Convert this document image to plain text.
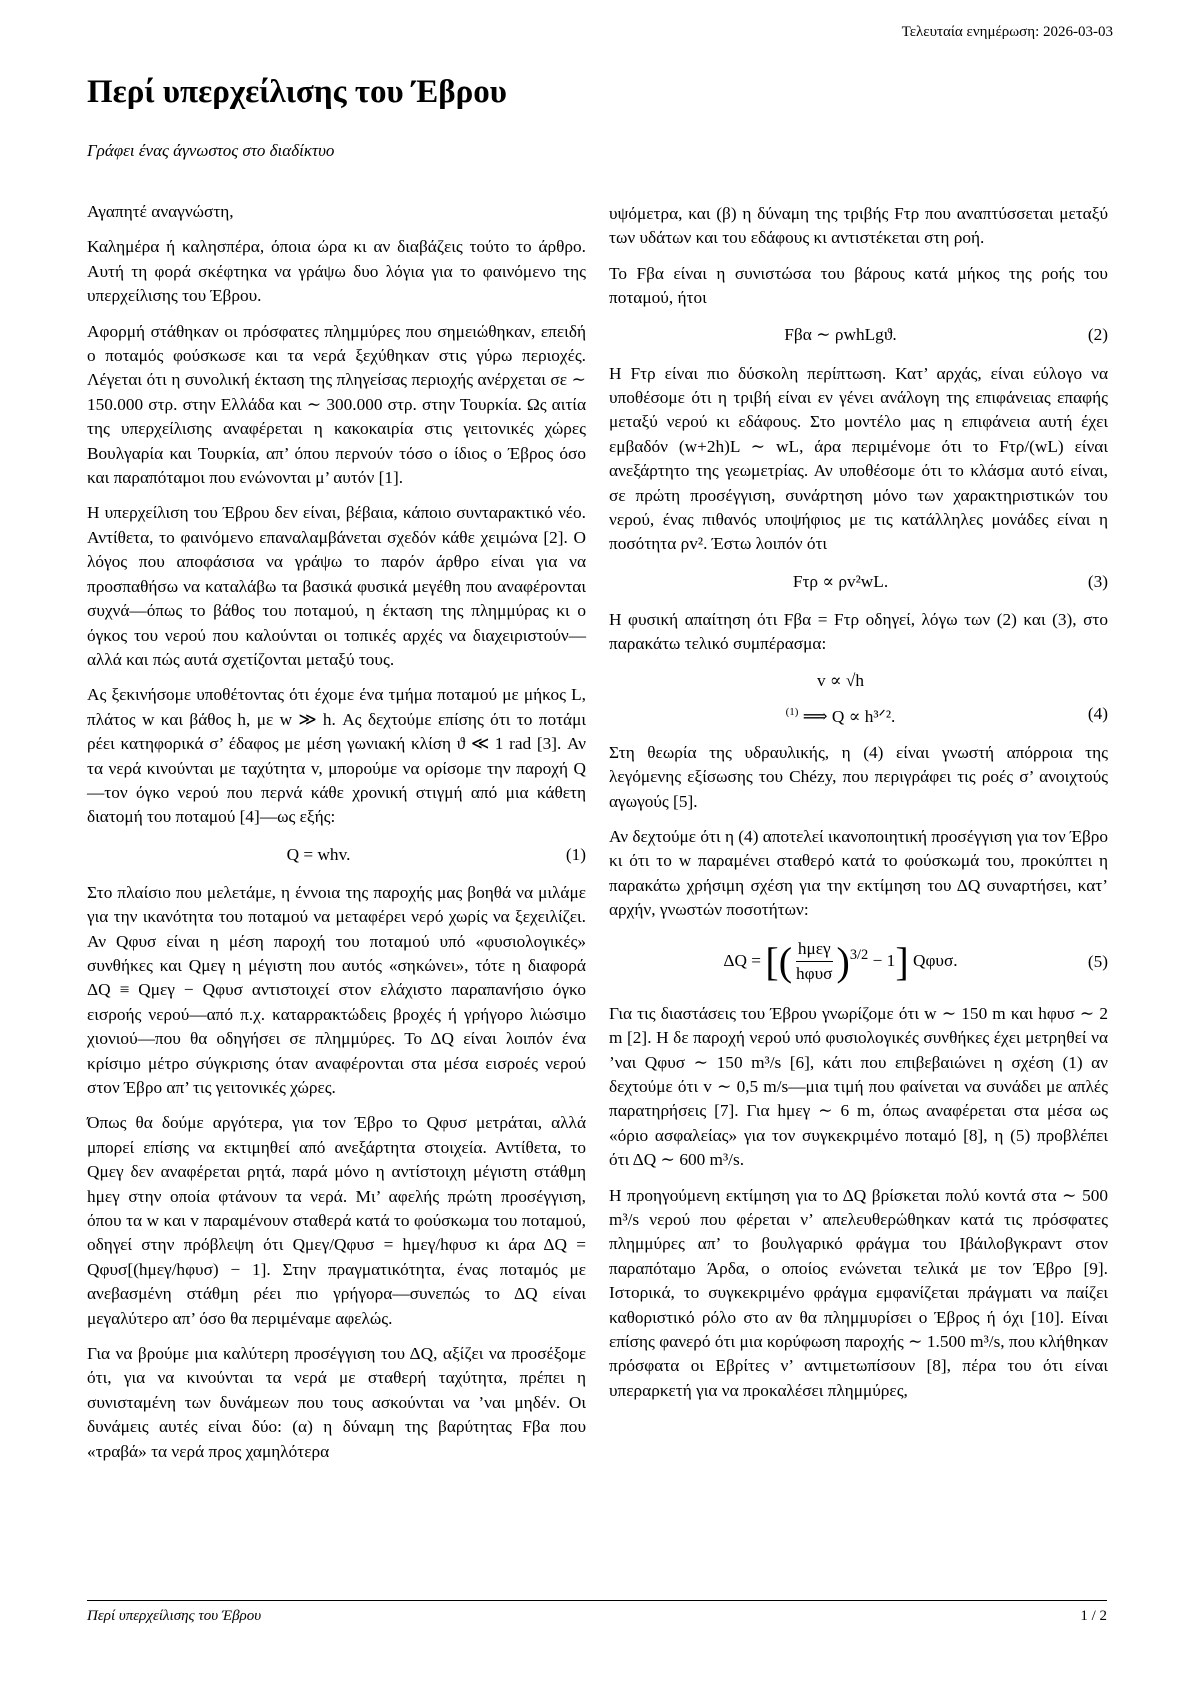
Τελευταία ενημέρωση: 2026-03-03
Περί υπερχείλισης του Έβρου
Γράφει ένας άγνωστος στο διαδίκτυο

Αγαπητέ αναγνώστη,

Καλημέρα ή καλησπέρα, όποια ώρα κι αν διαβάζεις τούτο το άρθρο. Αυτή τη φορά σκέφτηκα να γράψω δυο λόγια για το φαινόμενο της υπερχείλισης του Έβρου.

Αφορμή στάθηκαν οι πρόσφατες πλημμύρες που σημειώθηκαν, επειδή ο ποταμός φούσκωσε και τα νερά ξεχύθηκαν στις γύρω περιοχές. Λέγεται ότι η συνολική έκταση της πληγείσας περιοχής ανέρχεται σε ∼ 150.000 στρ. στην Ελλάδα και ∼ 300.000 στρ. στην Τουρκία. Ως αιτία της υπερχείλισης αναφέρεται η κακοκαιρία στις γειτονικές χώρες Βουλγαρία και Τουρκία, απ’ όπου περνούν τόσο ο ίδιος ο Έβρος όσο και παραπόταμοι που ενώνονται μ’ αυτόν [1].

Η υπερχείλιση του Έβρου δεν είναι, βέβαια, κάποιο συνταρακτικό νέο. Αντίθετα, το φαινόμενο επαναλαμβάνεται σχεδόν κάθε χειμώνα [2]. Ο λόγος που αποφάσισα να γράψω το παρόν άρθρο είναι για να προσπαθήσω να καταλάβω τα βασικά φυσικά μεγέθη που αναφέρονται συχνά—όπως το βάθος του ποταμού, η έκταση της πλημμύρας κι ο όγκος του νερού που καλούνται οι τοπικές αρχές να διαχειριστούν—αλλά και πώς αυτά σχετίζονται μεταξύ τους.

Ας ξεκινήσομε υποθέτοντας ότι έχομε ένα τμήμα ποταμού με μήκος L, πλάτος w και βάθος h, με w ≫ h. Ας δεχτούμε επίσης ότι το ποτάμι ρέει κατηφορικά σ’ έδαφος με μέση γωνιακή κλίση ϑ ≪ 1 rad [3]. Αν τα νερά κινούνται με ταχύτητα v, μπορούμε να ορίσομε την παροχή Q—τον όγκο νερού που περνά κάθε χρονική στιγμή από μια κάθετη διατομή του ποταμού [4]—ως εξής:

Q = whv.	(1)

Στο πλαίσιο που μελετάμε, η έννοια της παροχής μας βοηθά να μιλάμε για την ικανότητα του ποταμού να μεταφέρει νερό χωρίς να ξεχειλίζει. Αν Qφυσ είναι η μέση παροχή του ποταμού υπό «φυσιολογικές» συνθήκες και Qμεγ η μέγιστη που αυτός «σηκώνει», τότε η διαφορά ΔQ ≡ Qμεγ − Qφυσ αντιστοιχεί στον ελάχιστο παραπανήσιο όγκο εισροής νερού—από π.χ. καταρρακτώδεις βροχές ή γρήγορο λιώσιμο χιονιού—που θα οδηγήσει σε πλημμύρες. Το ΔQ είναι λοιπόν ένα κρίσιμο μέτρο σύγκρισης όταν αναφέρονται στα μέσα εισροές νερού στον Έβρο απ’ τις γειτονικές χώρες.

Όπως θα δούμε αργότερα, για τον Έβρο το Qφυσ μετράται, αλλά μπορεί επίσης να εκτιμηθεί από ανεξάρτητα στοιχεία. Αντίθετα, το Qμεγ δεν αναφέρεται ρητά, παρά μόνο η αντίστοιχη μέγιστη στάθμη hμεγ στην οποία φτάνουν τα νερά. Μι’ αφελής πρώτη προσέγγιση, όπου τα w και v παραμένουν σταθερά κατά το φούσκωμα του ποταμού, οδηγεί στην πρόβλεψη ότι Qμεγ/Qφυσ = hμεγ/hφυσ κι άρα ΔQ = Qφυσ[(hμεγ/hφυσ) − 1]. Στην πραγματικότητα, ένας ποταμός με ανεβασμένη στάθμη ρέει πιο γρήγορα—συνεπώς το ΔQ είναι μεγαλύτερο απ’ όσο θα περιμέναμε αφελώς.

Για να βρούμε μια καλύτερη προσέγγιση του ΔQ, αξίζει να προσέξομε ότι, για να κινούνται τα νερά με σταθερή ταχύτητα, πρέπει η συνισταμένη των δυνάμεων που τους ασκούνται να ’ναι μηδέν. Οι δυνάμεις αυτές είναι δύο: (α) η δύναμη της βαρύτητας Fβα που «τραβά» τα νερά προς χαμηλότερα

υψόμετρα, και (β) η δύναμη της τριβής Fτρ που αναπτύσσεται μεταξύ των υδάτων και του εδάφους κι αντιστέκεται στη ροή.

Το Fβα είναι η συνιστώσα του βάρους κατά μήκος της ροής του ποταμού, ήτοι

Fβα ∼ ρwhLgϑ.	(2)

Η Fτρ είναι πιο δύσκολη περίπτωση. Κατ’ αρχάς, είναι εύλογο να υποθέσομε ότι η τριβή είναι εν γένει ανάλογη της επιφάνειας επαφής μεταξύ νερού κι εδάφους. Στο μοντέλο μας η επιφάνεια αυτή έχει εμβαδόν (w+2h)L ∼ wL, άρα περιμένομε ότι το Fτρ/(wL) είναι ανεξάρτητο της γεωμετρίας. Αν υποθέσομε ότι το κλάσμα αυτό είναι, σε πρώτη προσέγγιση, συνάρτηση μόνο των χαρακτηριστικών του νερού, ένας πιθανός υποψήφιος με τις κατάλληλες μονάδες είναι η ποσότητα ρv². Έστω λοιπόν ότι

Fτρ ∝ ρv²wL.	(3)

Η φυσική απαίτηση ότι Fβα = Fτρ οδηγεί, λόγω των (2) και (3), στο παρακάτω τελικό συμπέρασμα:

v ∝ √h
$^{(1)}$ ⟹ Q ∝ h³ᐟ².	(4)

Στη θεωρία της υδραυλικής, η (4) είναι γνωστή απόρροια της λεγόμενης εξίσωσης του Chézy, που περιγράφει τις ροές σ’ ανοιχτούς αγωγούς [5].

Αν δεχτούμε ότι η (4) αποτελεί ικανοποιητική προσέγγιση για τον Έβρο κι ότι το w παραμένει σταθερό κατά το φούσκωμά του, προκύπτει η παρακάτω χρήσιμη σχέση για την εκτίμηση του ΔQ συναρτήσει, κατ’ αρχήν, γνωστών ποσοτήτων:

ΔQ = [( $\frac{\text{hμεγ}}{\text{hφυσ}} )^{3/2} - 1$] Qφυσ.	(5)

Για τις διαστάσεις του Έβρου γνωρίζομε ότι w ∼ 150 m και hφυσ ∼ 2 m [2]. Η δε παροχή νερού υπό φυσιολογικές συνθήκες έχει μετρηθεί να ’ναι Qφυσ ∼ 150 m³/s [6], κάτι που επιβεβαιώνει η σχέση (1) αν δεχτούμε ότι v ∼ 0,5 m/s—μια τιμή που φαίνεται να συνάδει με απλές παρατηρήσεις [7]. Για hμεγ ∼ 6 m, όπως αναφέρεται στα μέσα ως «όριο ασφαλείας» για τον συγκεκριμένο ποταμό [8], η (5) προβλέπει ότι ΔQ ∼ 600 m³/s.

Η προηγούμενη εκτίμηση για το ΔQ βρίσκεται πολύ κοντά στα ∼ 500 m³/s νερού που φέρεται ν’ απελευθερώθηκαν κατά τις πρόσφατες πλημμύρες απ’ το βουλγαρικό φράγμα του Ιβάιλοβγκραντ στον παραπόταμο Άρδα, ο οποίος ενώνεται τελικά με τον Έβρο [9]. Ιστορικά, το συγκεκριμένο φράγμα εμφανίζεται πράγματι να παίζει καθοριστικό ρόλο στο αν θα πλημμυρίσει ο Έβρος ή όχι [10]. Είναι επίσης φανερό ότι μια κορύφωση παροχής ∼ 1.500 m³/s, που κλήθηκαν πρόσφατα οι Εβρίτες ν’ αντιμετωπίσουν [8], πέρα του ότι είναι υπεραρκετή για να προκαλέσει πλημμύρες,

Περί υπερχείλισης του Έβρου	1 / 2
